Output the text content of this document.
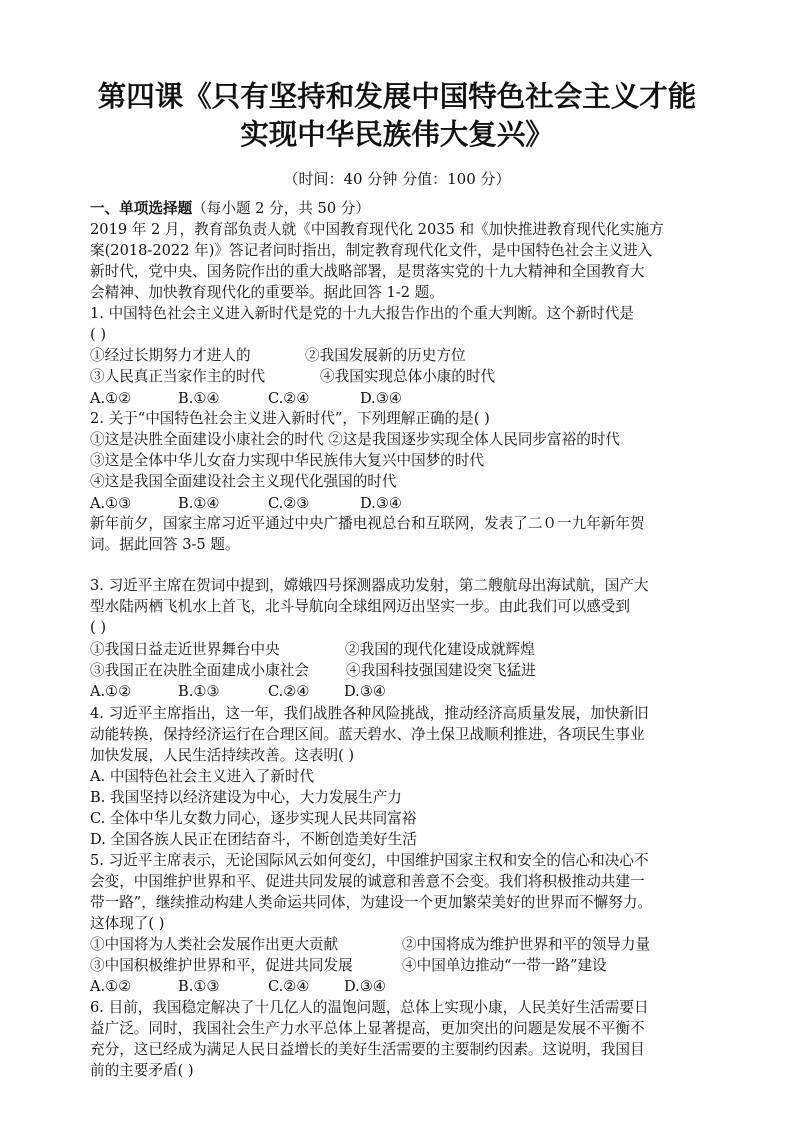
第四课《只有坚持和发展中国特色社会主义才能
实现中华民族伟大复兴》
（时间：40 分钟 分值：100 分）
一、单项选择题（每小题 2 分，共 50 分）
2019 年 2 月，教育部负责人就《中国教育现代化 2035 和《加快推进教育现代化实施方
案(2018-2022 年)》答记者问时指出，制定教育现代化文件，是中国特色社会主义进入
新时代，党中央、国务院作出的重大战略部署，是贯落实党的十九大精神和全国教育大
会精神、加快教育现代化的重要举。据此回答 1-2 题。
1. 中国特色社会主义进入新时代是党的十九大报告作出的个重大判断。这个新时代是
( )
①经过长期努力才进人的	②我国发展新的历史方位
③人民真正当家作主的时代	④我国实现总体小康的时代
A.①②	B.①④	C.②④	D.③④
2. 关于“中国特色社会主义进入新时代”，下列理解正确的是( )
①这是决胜全面建设小康社会的时代 ②这是我国逐步实现全体人民同步富裕的时代
③这是全体中华儿女奋力实现中华民族伟大复兴中国梦的时代
④这是我国全面建设社会主义现代化强国的时代
A.①③	B.①④	C.②③	D.③④
新年前夕，国家主席习近平通过中央广播电视总台和互联网，发表了二０一九年新年贺
词。据此回答 3-5 题。
3. 习近平主席在贺词中提到，嫦娥四号探测器成功发射，第二艘航母出海试航，国产大
型水陆两栖飞机水上首飞，北斗导航向全球组网迈出坚实一步。由此我们可以感受到
( )
①我国日益走近世界舞台中央	②我国的现代化建设成就辉煌
③我国正在决胜全面建成小康社会	④我国科技强国建设突飞猛进
A.①②	B.①③	C.②④ D.③④
4. 习近平主席指出，这一年，我们战胜各种风险挑战，推动经济高质量发展，加快新旧
动能转换，保持经济运行在合理区间。蓝天碧水、净土保卫战顺利推进，各项民生事业
加快发展，人民生活持续改善。这表明( )
A. 中国特色社会主义进入了新时代
B. 我国坚持以经济建设为中心，大力发展生产力
C. 全体中华儿女数力同心，逐步实现人民共同富裕
D. 全国各族人民正在团结奋斗，不断创造美好生活
5. 习近平主席表示，无论国际风云如何变幻，中国维护国家主权和安全的信心和决心不
会变，中国维护世界和平、促进共同发展的诚意和善意不会变。我们将积极推动共建一
带一路”，继续推动构建人类命运共同体，为建设一个更加繁荣美好的世界而不懈努力。
这体现了( )
①中国将为人类社会发展作出更大贡献	②中国将成为维护世界和平的领导力量
③中国积极维护世界和平，促进共同发展	④中国单边推动“一带一路”建设
A.①②	B.①③	C.②④ D.③④
6. 目前，我国稳定解决了十几亿人的温饱问题，总体上实现小康，人民美好生活需要日
益广泛。同时，我国社会生产力水平总体上显著提高，更加突出的问题是发展不平衡不
充分，这已经成为满足人民日益增长的美好生活需要的主要制约因素。这说明，我国目
前的主要矛盾( )
